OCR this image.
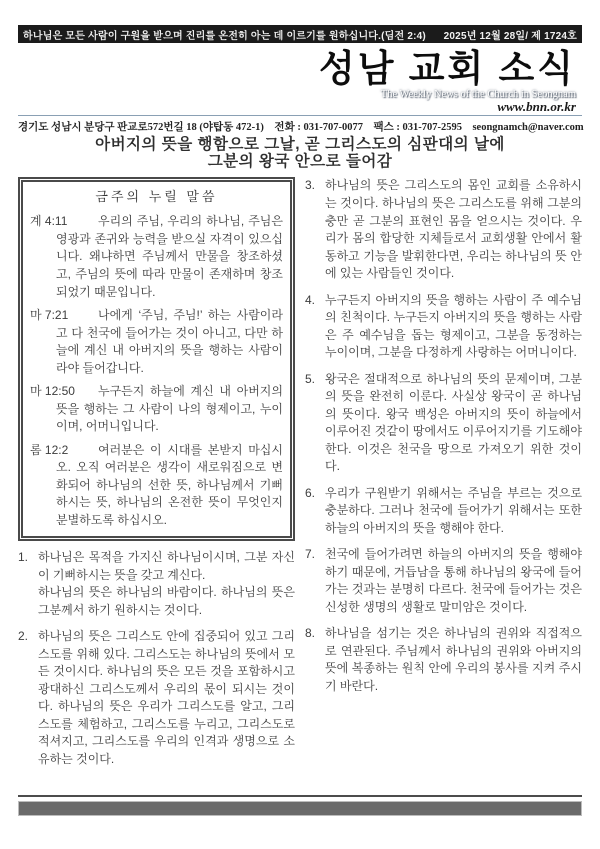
하나님은 모든 사람이 구원을 받으며 진리를 온전히 아는 데 이르기를 원하십니다.(딤전 2:4) 2025년 12월 28일/ 제 1724호
성남 교회 소식
The Weekly News of the Church in Seongnam
www.bnn.or.kr
경기도 성남시 분당구 판교로572번길 18 (야탑동 472-1)　전화 : 031-707-0077　팩스 : 031-707-2595　seongnamch@naver.com
아버지의 뜻을 행함으로 그날, 곧 그리스도의 심판대의 날에
그분의 왕국 안으로 들어감
금주의 누릴 말씀

계 4:11	우리의 주님, 우리의 하나님, 주님은 영광과 존귀와 능력을 받으실 자격이 있으십니다. 왜냐하면 주님께서 만물을 창조하셨고, 주님의 뜻에 따라 만물이 존재하며 창조되었기 때문입니다.

마 7:21 나에게 ‘주님, 주님!’ 하는 사람이라고 다 천국에 들어가는 것이 아니고, 다만 하늘에 계신 내 아버지의 뜻을 행하는 사람이라야 들어갑니다.

마 12:50 누구든지 하늘에 계신 내 아버지의 뜻을 행하는 그 사람이 나의 형제이고, 누이이며, 어머니입니다.

롬 12:2 여러분은 이 시대를 본받지 마십시오. 오직 여러분은 생각이 새로워짐으로 변화되어 하나님의 선한 뜻, 하나님께서 기뻐하시는 뜻, 하나님의 온전한 뜻이 무엇인지 분별하도록 하십시오.

1. 하나님은 목적을 가지신 하나님이시며, 그분 자신이 기뻐하시는 뜻을 갖고 계신다.

하나님의 뜻은 하나님의 바람이다. 하나님의 뜻은 그분께서 하기 원하시는 것이다.

2. 하나님의 뜻은 그리스도 안에 집중되어 있고 그리스도를 위해 있다. 그리스도는 하나님의 뜻에서 모든 것이시다. 하나님의 뜻은 모든 것을 포함하시고 광대하신 그리스도께서 우리의 몫이 되시는 것이다. 하나님의 뜻은 우리가 그리스도를 알고, 그리스도를 체험하고, 그리스도를 누리고, 그리스도로 적셔지고, 그리스도를 우리의 인격과 생명으로 소유하는 것이다.

3. 하나님의 뜻은 그리스도의 몸인 교회를 소유하시는 것이다. 하나님의 뜻은 그리스도를 위해 그분의 충만 곧 그분의 표현인 몸을 얻으시는 것이다. 우리가 몸의 합당한 지체들로서 교회생활 안에서 활동하고 기능을 발휘한다면, 우리는 하나님의 뜻 안에 있는 사람들인 것이다.

4. 누구든지 아버지의 뜻을 행하는 사람이 주 예수님의 친척이다. 누구든지 아버지의 뜻을 행하는 사람은 주 예수님을 돕는 형제이고, 그분을 동정하는 누이이며, 그분을 다정하게 사랑하는 어머니이다.

5. 왕국은 절대적으로 하나님의 뜻의 문제이며, 그분의 뜻을 완전히 이룬다. 사실상 왕국이 곧 하나님의 뜻이다. 왕국 백성은 아버지의 뜻이 하늘에서 이루어진 것같이 땅에서도 이루어지기를 기도해야 한다. 이것은 천국을 땅으로 가져오기 위한 것이다.

6. 우리가 구원받기 위해서는 주님을 부르는 것으로 충분하다. 그러나 천국에 들어가기 위해서는 또한 하늘의 아버지의 뜻을 행해야 한다.

7. 천국에 들어가려면 하늘의 아버지의 뜻을 행해야 하기 때문에, 거듭남을 통해 하나님의 왕국에 들어가는 것과는 분명히 다르다. 천국에 들어가는 것은 신성한 생명의 생활로 말미암은 것이다.

8. 하나님을 섬기는 것은 하나님의 권위와 직접적으로 연관된다. 주님께서 하나님의 권위와 아버지의 뜻에 복종하는 원칙 안에 우리의 봉사를 지켜 주시기 바란다.
